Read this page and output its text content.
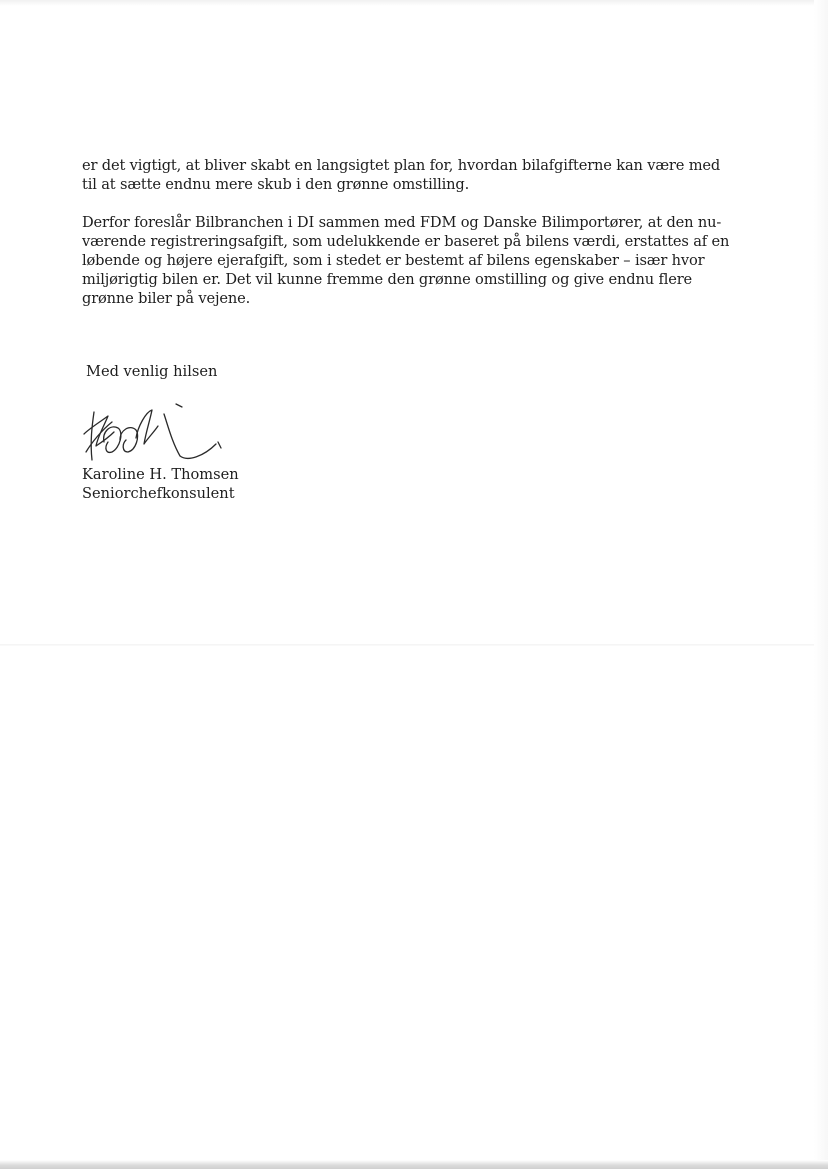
er det vigtigt, at bliver skabt en langsigtet plan for, hvordan bilafgifterne kan være med
til at sætte endnu mere skub i den grønne omstilling.

Derfor foreslår Bilbranchen i DI sammen med FDM og Danske Bilimportører, at den nu-
værende registreringsafgift, som udelukkende er baseret på bilens værdi, erstattes af en
løbende og højere ejerafgift, som i stedet er bestemt af bilens egenskaber – især hvor
miljørigtig bilen er. Det vil kunne fremme den grønne omstilling og give endnu flere
grønne biler på vejene.

Med venlig hilsen

Karoline H. Thomsen
Seniorchefkonsulent
